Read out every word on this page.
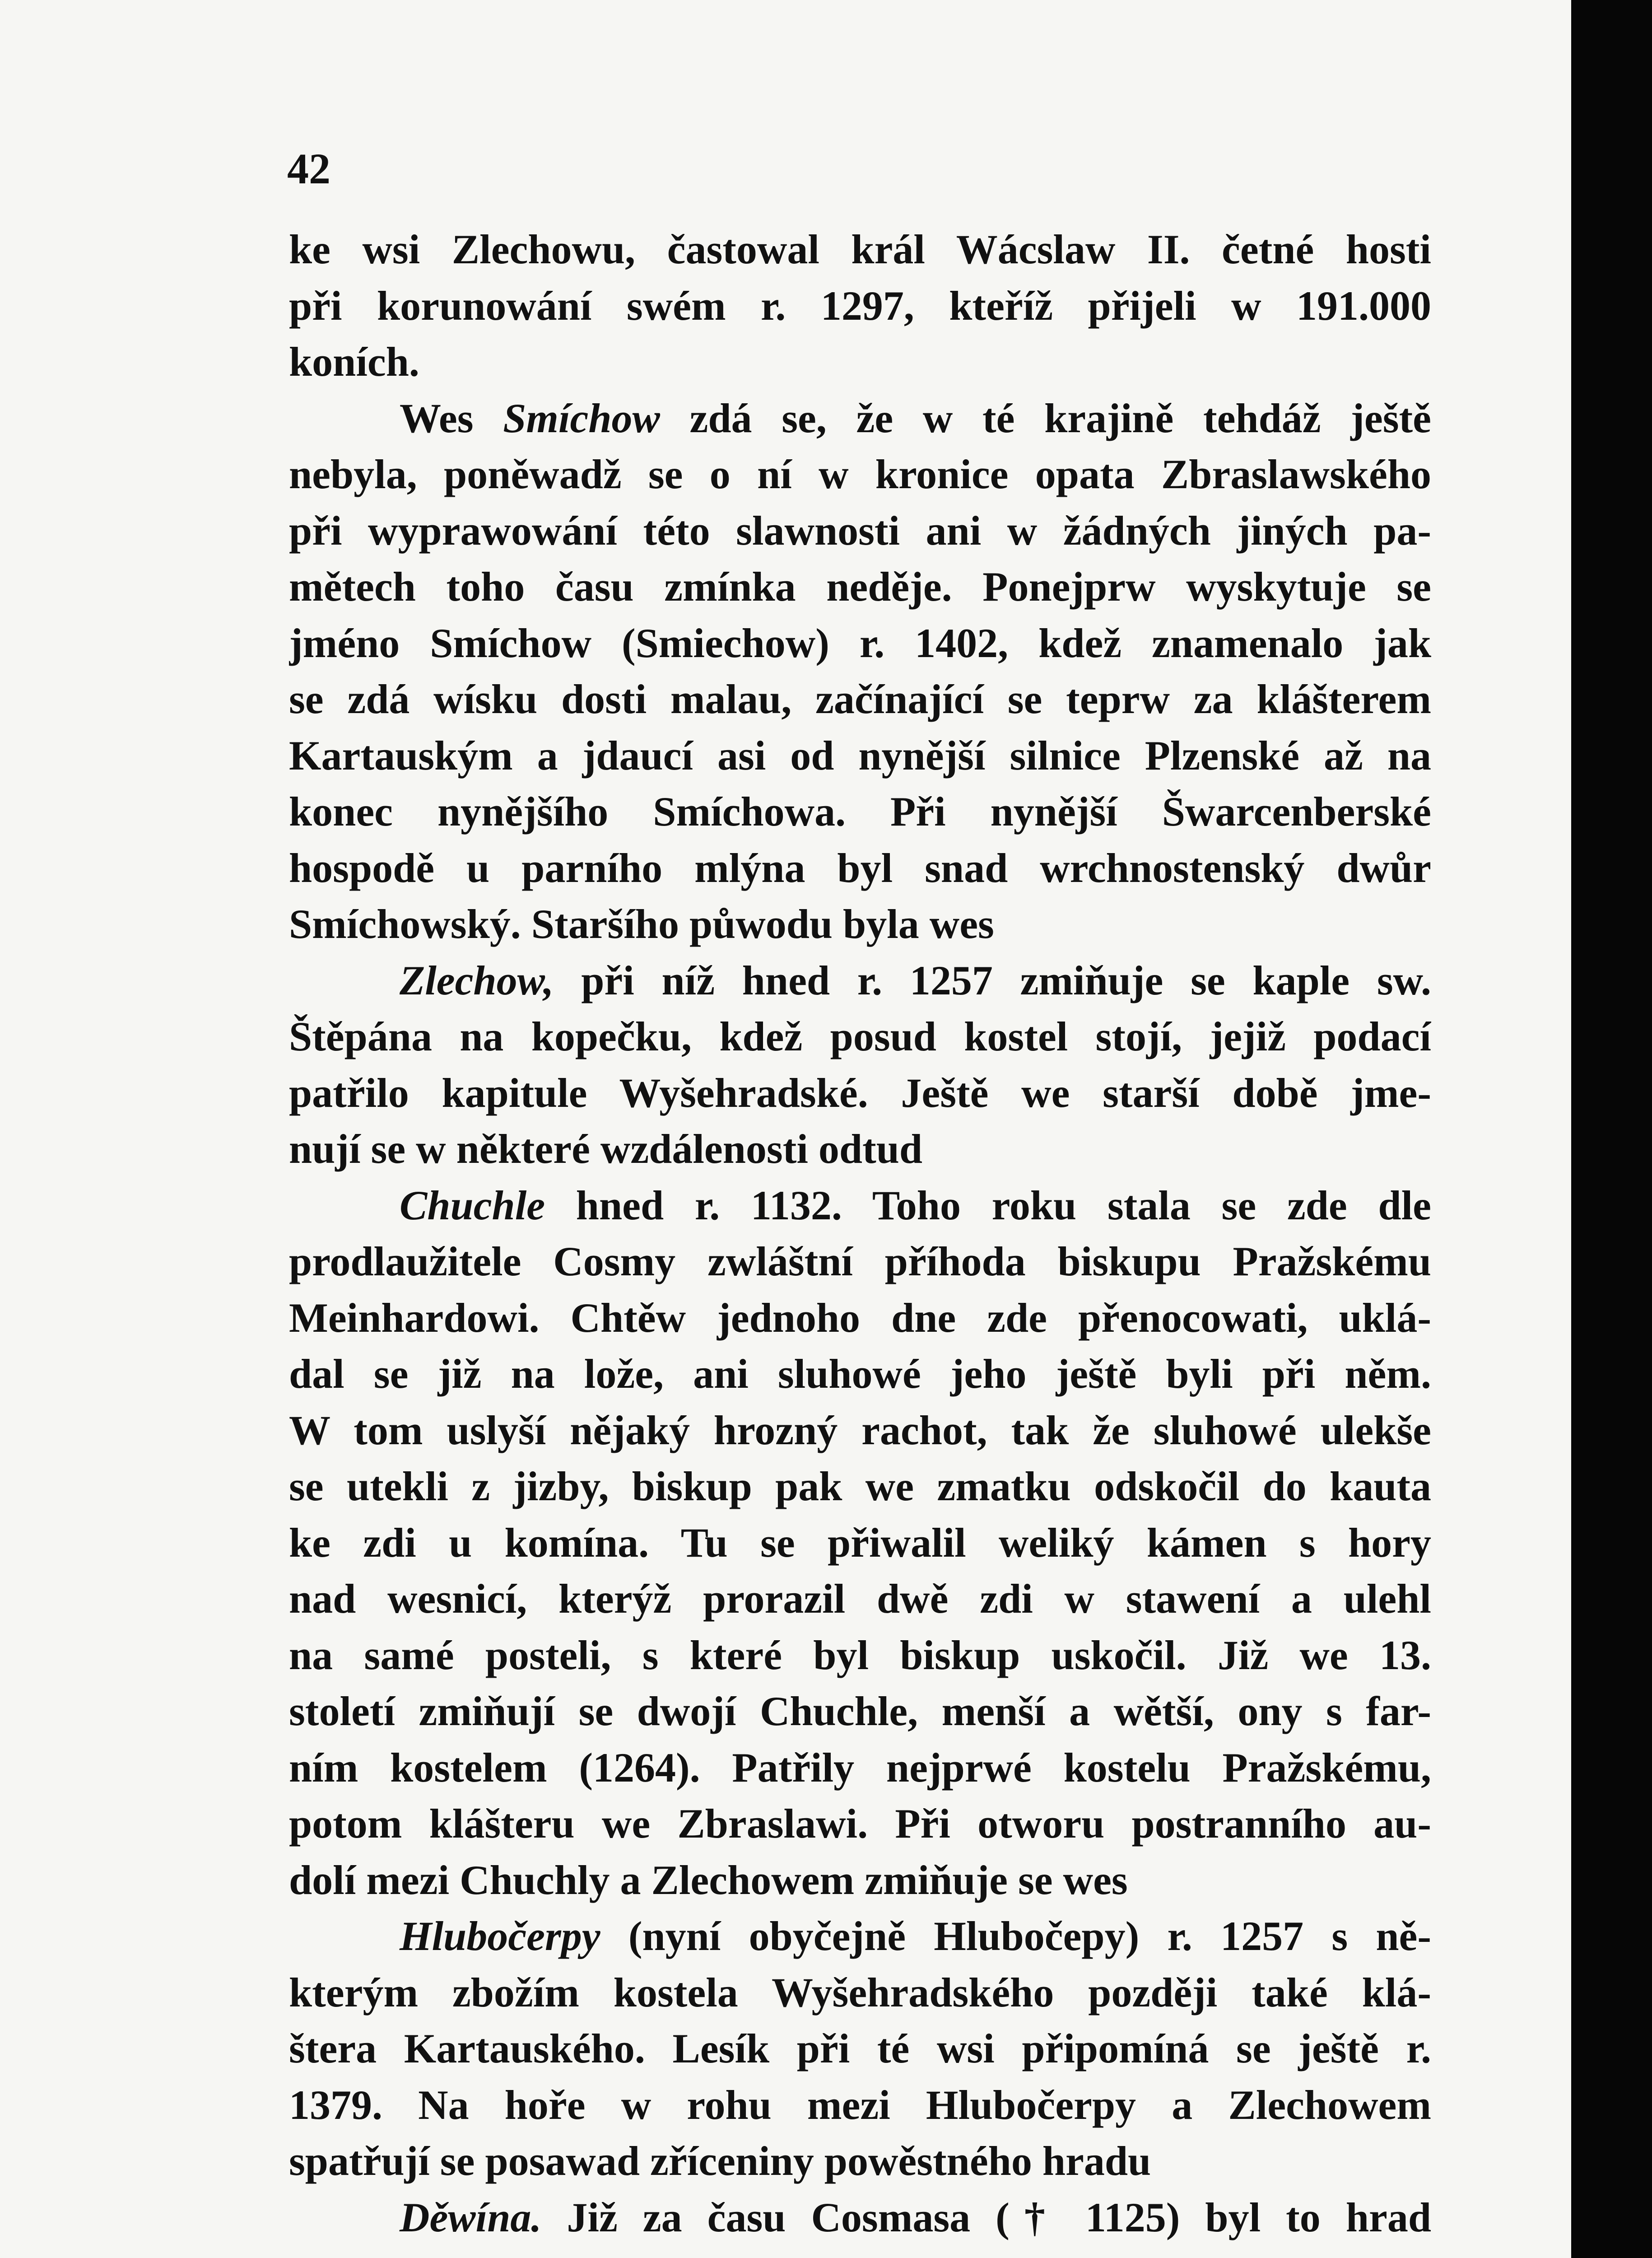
42
ke wsi Zlechowu, častowal král Wácslaw II. četné hosti
při korunowání swém r. 1297, kteříž přijeli w 191.000
koních.
Wes Smíchow zdá se, že w té krajině tehdáž ještě
nebyla, poněwadž se o ní w kronice opata Zbraslawského
při wyprawowání této slawnosti ani w žádných jiných pa-
mětech toho času zmínka neděje. Ponejprw wyskytuje se
jméno Smíchow (Smiechow) r. 1402, kdež znamenalo jak
se zdá wísku dosti malau, začínající se teprw za klášterem
Kartauským a jdaucí asi od nynější silnice Plzenské až na
konec nynějšího Smíchowa. Při nynější Šwarcenberské
hospodě u parního mlýna byl snad wrchnostenský dwůr
Smíchowský. Staršího půwodu byla wes
Zlechow, při níž hned r. 1257 zmiňuje se kaple sw.
Štěpána na kopečku, kdež posud kostel stojí, jejiž podací
patřilo kapitule Wyšehradské. Ještě we starší době jme-
nují se w některé wzdálenosti odtud
Chuchle hned r. 1132. Toho roku stala se zde dle
prodlaužitele Cosmy zwláštní příhoda biskupu Pražskému
Meinhardowi. Chtěw jednoho dne zde přenocowati, uklá-
dal se již na lože, ani sluhowé jeho ještě byli při něm.
W tom uslyší nějaký hrozný rachot, tak že sluhowé ulekše
se utekli z jizby, biskup pak we zmatku odskočil do kauta
ke zdi u komína. Tu se přiwalil weliký kámen s hory
nad wesnicí, kterýž prorazil dwě zdi w stawení a ulehl
na samé posteli, s které byl biskup uskočil. Již we 13.
století zmiňují se dwojí Chuchle, menší a wětší, ony s far-
ním kostelem (1264). Patřily nejprwé kostelu Pražskému,
potom klášteru we Zbraslawi. Při otworu postranního au-
dolí mezi Chuchly a Zlechowem zmiňuje se wes
Hlubočerpy (nyní obyčejně Hlubočepy) r. 1257 s ně-
kterým zbožím kostela Wyšehradského později také klá-
štera Kartauského. Lesík při té wsi připomíná se ještě r.
1379. Na hoře w rohu mezi Hlubočerpy a Zlechowem
spatřují se posawad zříceniny powěstného hradu
Děwína. Již za času Cosmasa († 1125) byl to hrad
